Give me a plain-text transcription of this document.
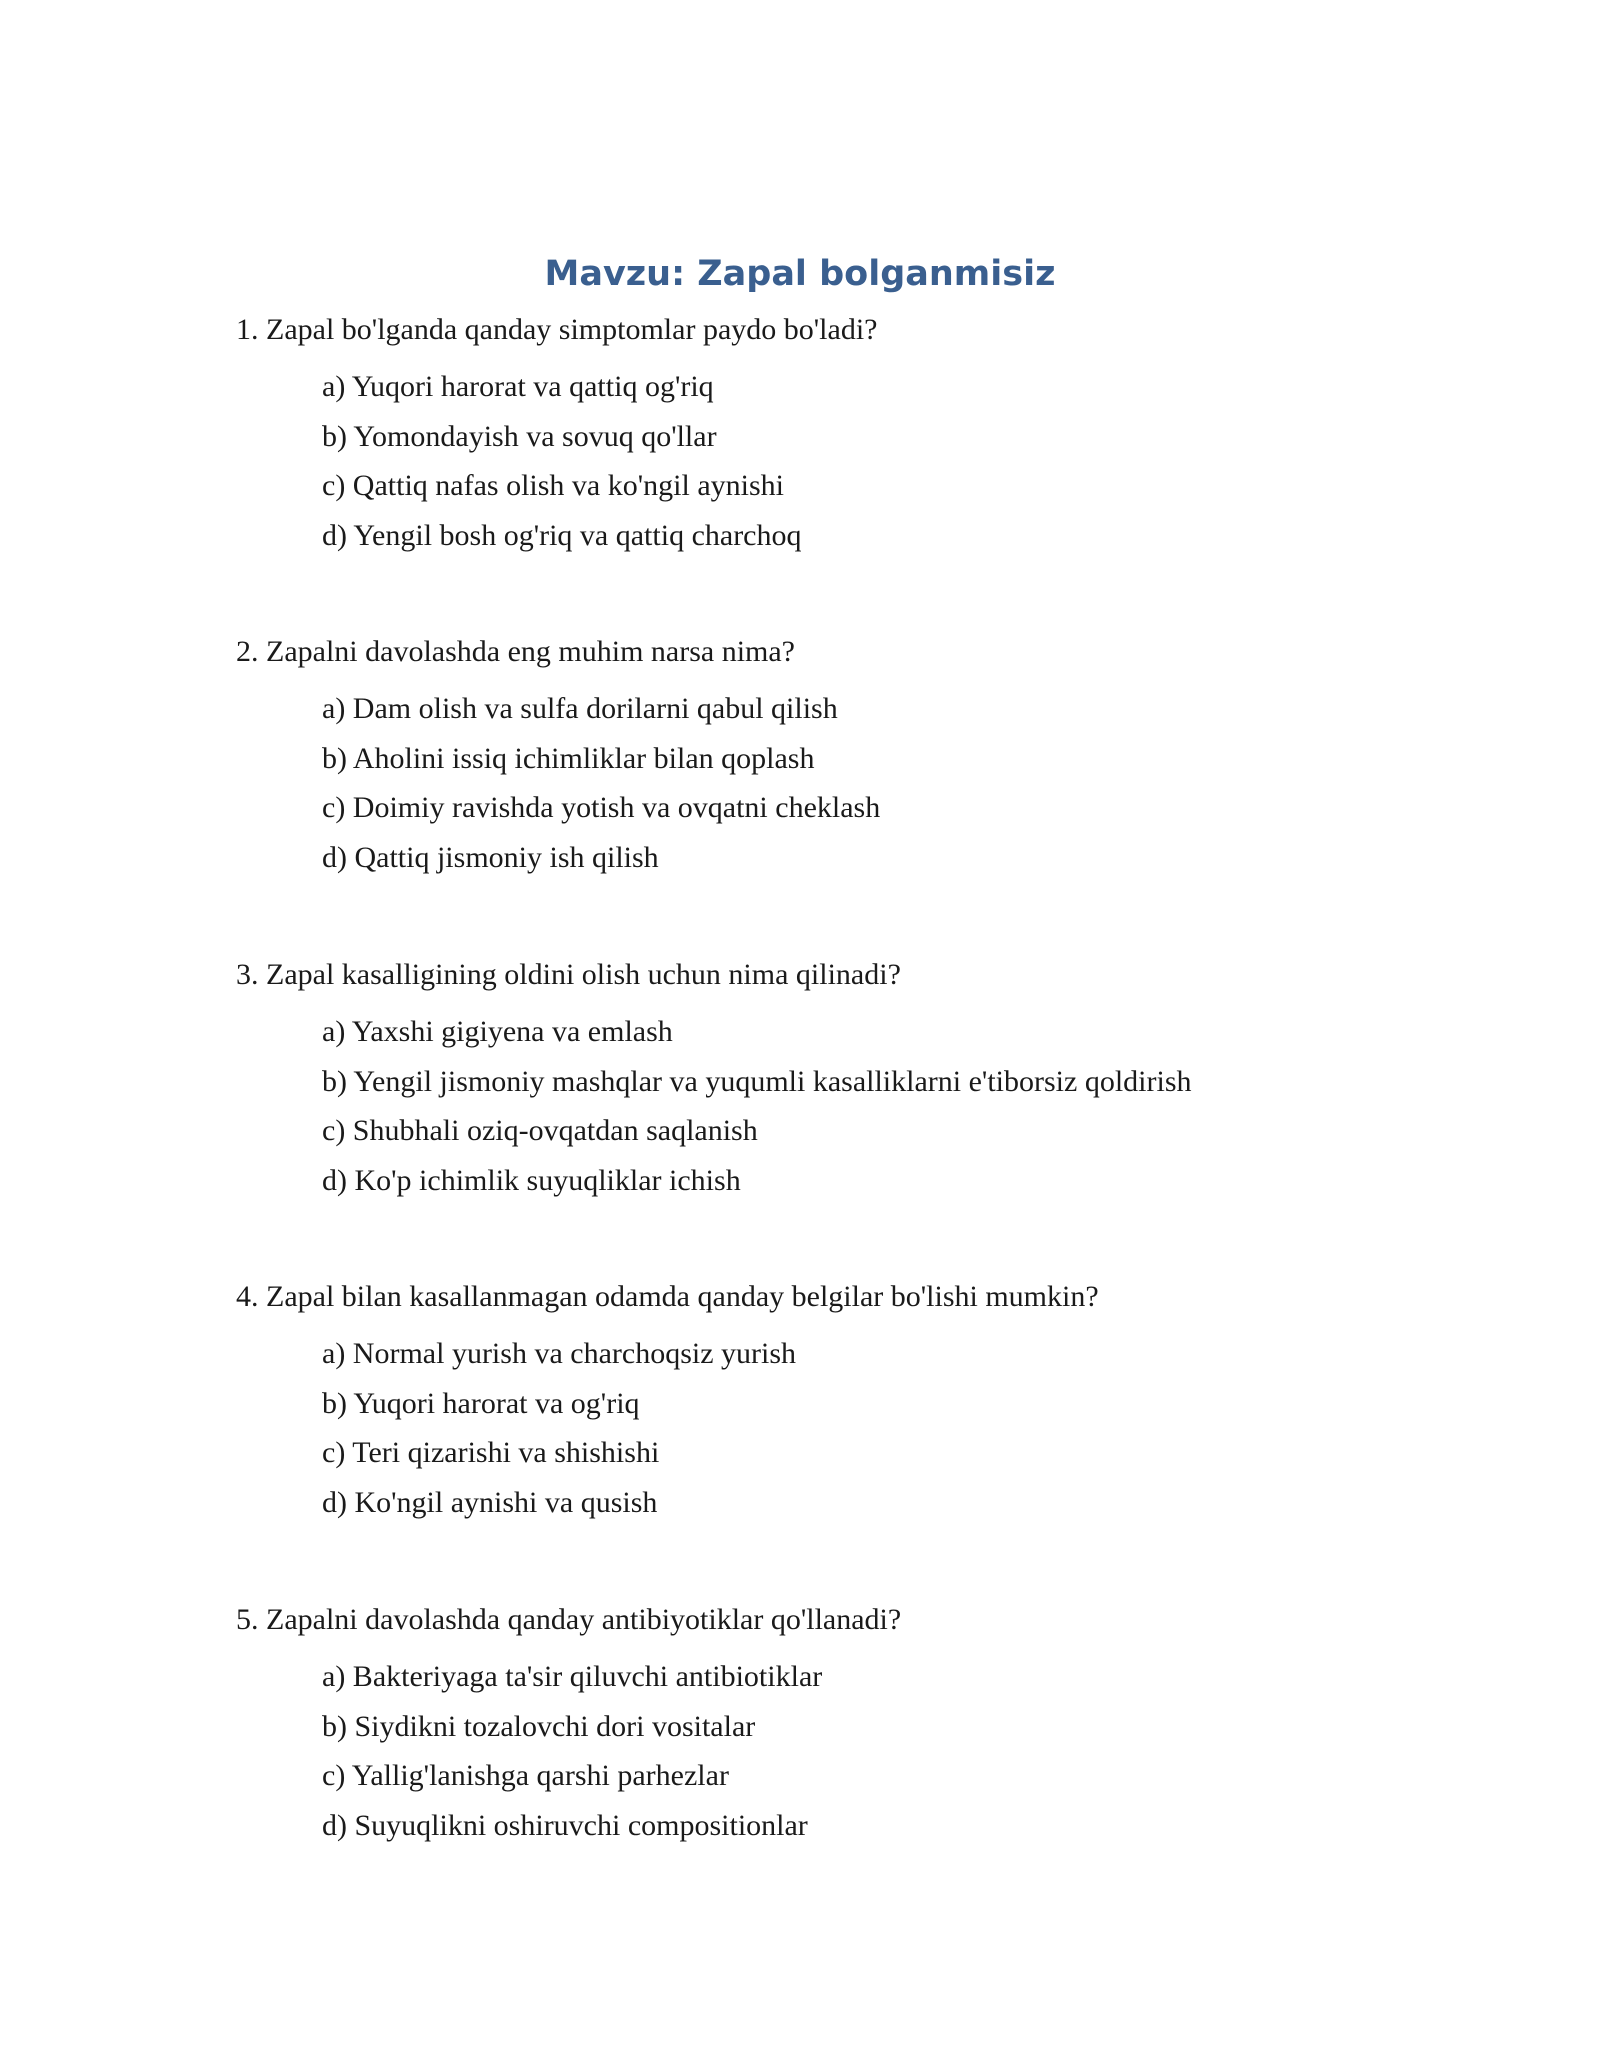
Mavzu: Zapal bolganmisiz
1. Zapal bo'lganda qanday simptomlar paydo bo'ladi?
a) Yuqori harorat va qattiq og'riq
b) Yomondayish va sovuq qo'llar
c) Qattiq nafas olish va ko'ngil aynishi
d) Yengil bosh og'riq va qattiq charchoq
2. Zapalni davolashda eng muhim narsa nima?
a) Dam olish va sulfa dorilarni qabul qilish
b) Aholini issiq ichimliklar bilan qoplash
c) Doimiy ravishda yotish va ovqatni cheklash
d) Qattiq jismoniy ish qilish
3. Zapal kasalligining oldini olish uchun nima qilinadi?
a) Yaxshi gigiyena va emlash
b) Yengil jismoniy mashqlar va yuqumli kasalliklarni e'tiborsiz qoldirish
c) Shubhali oziq-ovqatdan saqlanish
d) Ko'p ichimlik suyuqliklar ichish
4. Zapal bilan kasallanmagan odamda qanday belgilar bo'lishi mumkin?
a) Normal yurish va charchoqsiz yurish
b) Yuqori harorat va og'riq
c) Teri qizarishi va shishishi
d) Ko'ngil aynishi va qusish
5. Zapalni davolashda qanday antibiyotiklar qo'llanadi?
a) Bakteriyaga ta'sir qiluvchi antibiotiklar
b) Siydikni tozalovchi dori vositalar
c) Yallig'lanishga qarshi parhezlar
d) Suyuqlikni oshiruvchi compositionlar
